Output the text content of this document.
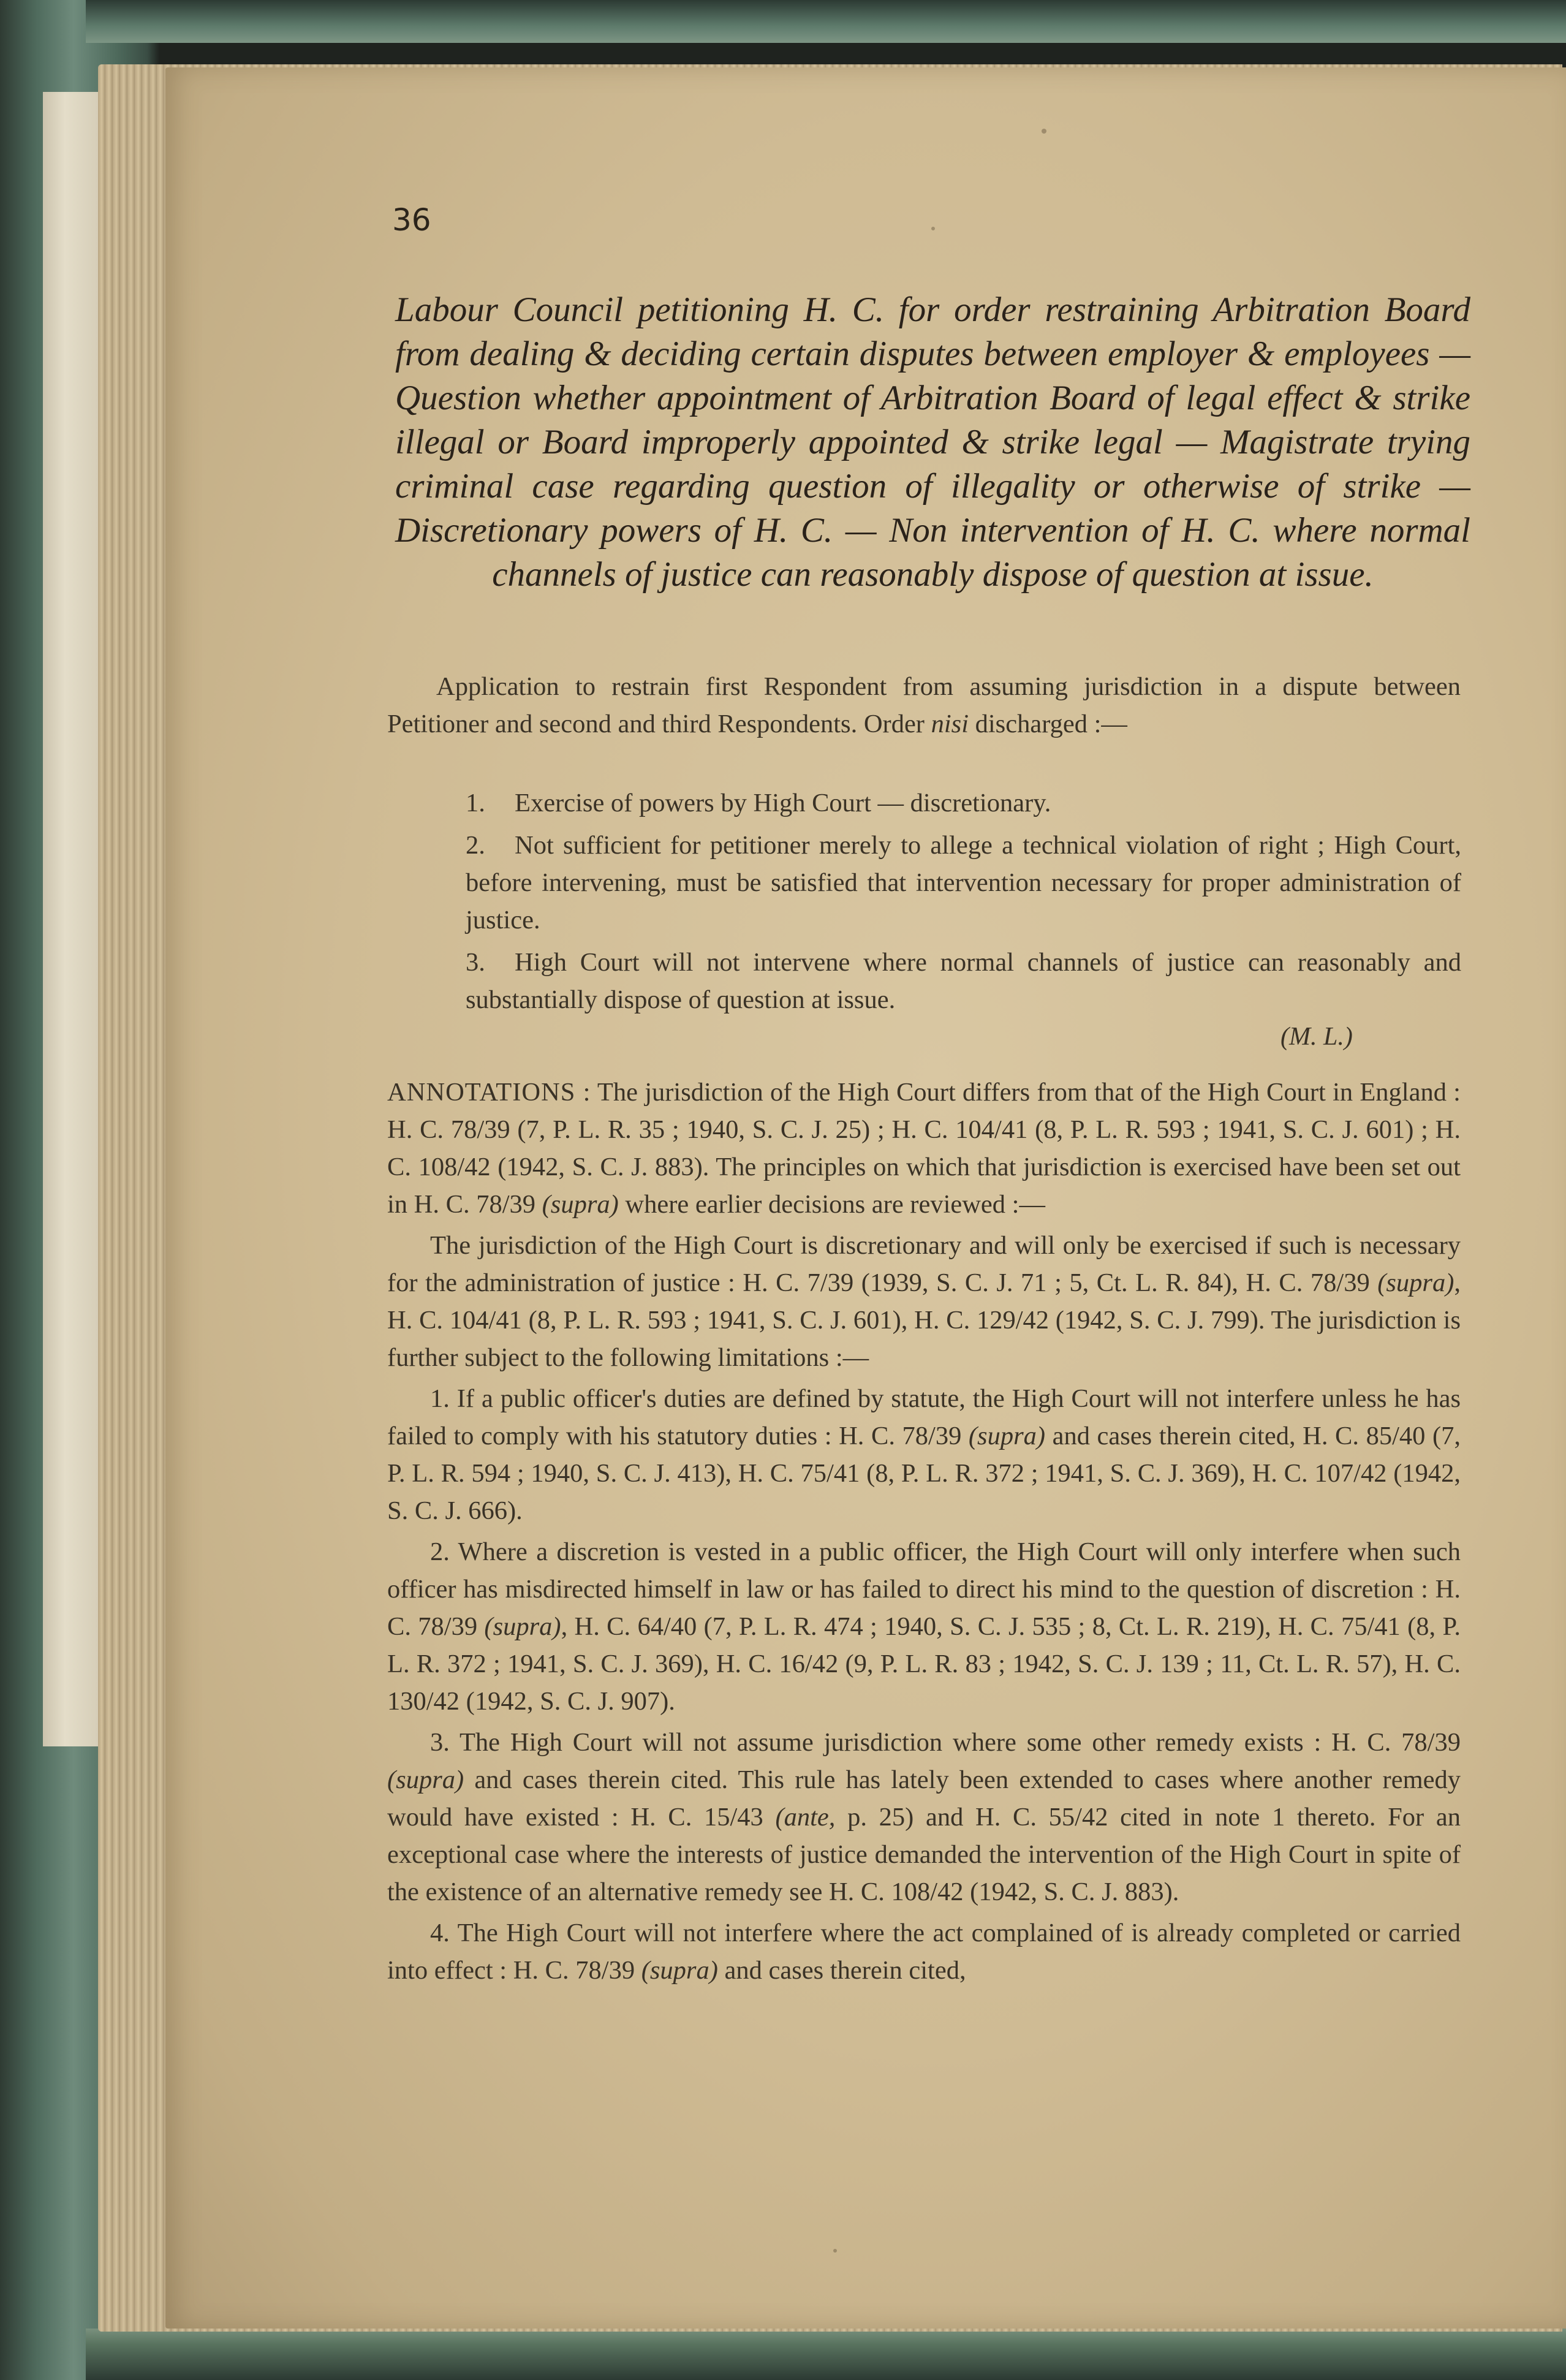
36
Labour Council petitioning H. C. for order restraining Arbitration Board from dealing & deciding certain disputes between employer & employees — Question whether appointment of Arbitration Board of legal effect & strike illegal or Board improperly appointed & strike legal — Magistrate trying criminal case regarding question of illegality or otherwise of strike — Discretionary powers of H. C. — Non intervention of H. C. where normal channels of justice can reasonably dispose of question at issue.

Application to restrain first Respondent from assuming jurisdiction in a dispute between Petitioner and second and third Respondents. Order nisi discharged :—

1. Exercise of powers by High Court — discretionary.

2. Not sufficient for petitioner merely to allege a technical violation of right ; High Court, before intervening, must be satisfied that intervention necessary for proper administration of justice.

3. High Court will not intervene where normal channels of justice can reasonably and substantially dispose of question at issue.

(M. L.)

ANNOTATIONS : The jurisdiction of the High Court differs from that of the High Court in England : H. C. 78/39 (7, P. L. R. 35 ; 1940, S. C. J. 25) ; H. C. 104/41 (8, P. L. R. 593 ; 1941, S. C. J. 601) ; H. C. 108/42 (1942, S. C. J. 883). The principles on which that jurisdiction is exercised have been set out in H. C. 78/39 (supra) where earlier decisions are reviewed :—

The jurisdiction of the High Court is discretionary and will only be exercised if such is necessary for the administration of justice : H. C. 7/39 (1939, S. C. J. 71 ; 5, Ct. L. R. 84), H. C. 78/39 (supra), H. C. 104/41 (8, P. L. R. 593 ; 1941, S. C. J. 601), H. C. 129/42 (1942, S. C. J. 799). The jurisdiction is further subject to the following limitations :—

1. If a public officer's duties are defined by statute, the High Court will not interfere unless he has failed to comply with his statutory duties : H. C. 78/39 (supra) and cases therein cited, H. C. 85/40 (7, P. L. R. 594 ; 1940, S. C. J. 413), H. C. 75/41 (8, P. L. R. 372 ; 1941, S. C. J. 369), H. C. 107/42 (1942, S. C. J. 666).

2. Where a discretion is vested in a public officer, the High Court will only interfere when such officer has misdirected himself in law or has failed to direct his mind to the question of discretion : H. C. 78/39 (supra), H. C. 64/40 (7, P. L. R. 474 ; 1940, S. C. J. 535 ; 8, Ct. L. R. 219), H. C. 75/41 (8, P. L. R. 372 ; 1941, S. C. J. 369), H. C. 16/42 (9, P. L. R. 83 ; 1942, S. C. J. 139 ; 11, Ct. L. R. 57), H. C. 130/42 (1942, S. C. J. 907).

3. The High Court will not assume jurisdiction where some other remedy exists : H. C. 78/39 (supra) and cases therein cited. This rule has lately been extended to cases where another remedy would have existed : H. C. 15/43 (ante, p. 25) and H. C. 55/42 cited in note 1 thereto. For an exceptional case where the interests of justice demanded the intervention of the High Court in spite of the existence of an alternative remedy see H. C. 108/42 (1942, S. C. J. 883).

4. The High Court will not interfere where the act complained of is already completed or carried into effect : H. C. 78/39 (supra) and cases therein cited,
